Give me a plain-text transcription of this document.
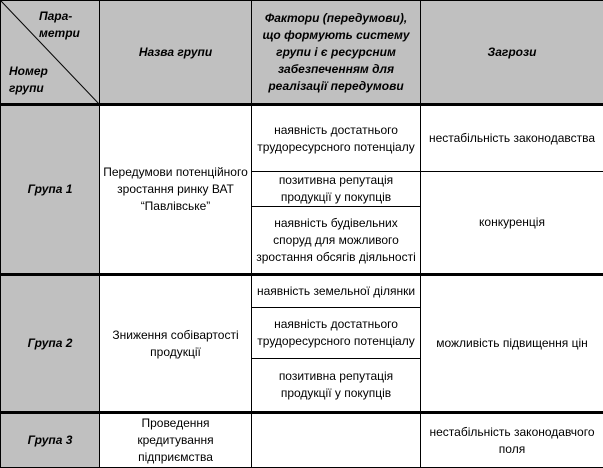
Пара-
метри
Номер
групи	Назва групи	Фактори (передумови), що формують систему групи і є ресурсним забезпеченням для реалізації передумови	Загрози
Група 1	Передумови потенційного зростання ринку ВАТ “Павлівське”	наявність достатнього трудоресурсного потенціалу	нестабільність законодавства
		позитивна репутація продукції у покупців	конкуренція
		наявність будівельних споруд для можливого зростання обсягів діяльності	
Група 2	Зниження собівартості продукції	наявність земельної ділянки	можливість підвищення цін
		наявність достатнього трудоресурсного потенціалу	
		позитивна репутація продукції у покупців	
Група 3	Проведення кредитування підприємства		нестабільність законодавчого поля
